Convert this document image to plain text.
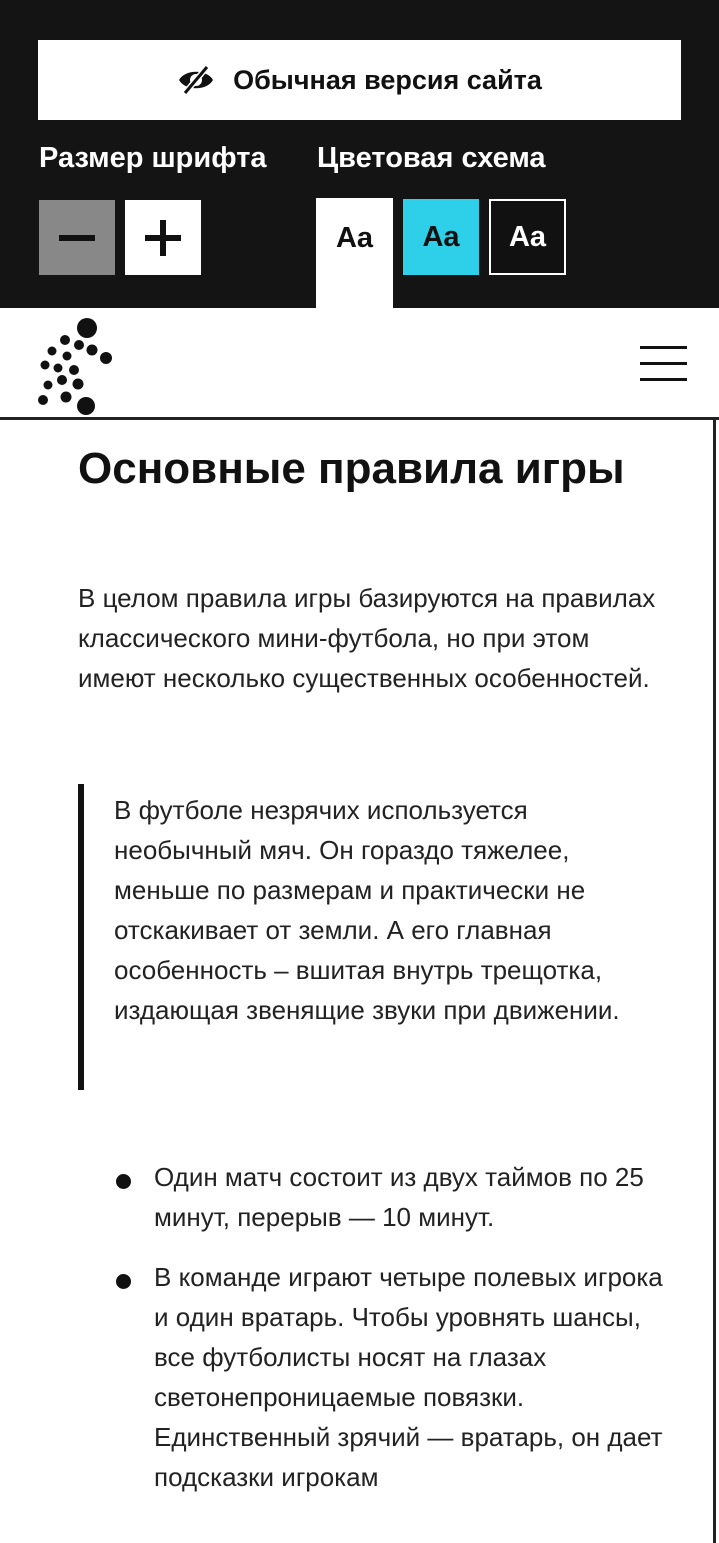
Обычная версия сайта
Размер шрифта Цветовая схема
Aa Aa Aa
Основные правила игры

В целом правила игры базируются на правилах классического мини-футбола, но при этом имеют несколько существенных особенностей.

В футболе незрячих используется необычный мяч. Он гораздо тяжелее, меньше по размерам и практически не отскакивает от земли. А его главная особенность – вшитая внутрь трещотка, издающая звенящие звуки при движении.
Один матч состоит из двух таймов по 25 минут, перерыв — 10 минут.
В команде играют четыре полевых игрока и один вратарь. Чтобы уровнять шансы, все футболисты носят на глазах светонепроницаемые повязки. Единственный зрячий — вратарь, он дает подсказки игрокам
